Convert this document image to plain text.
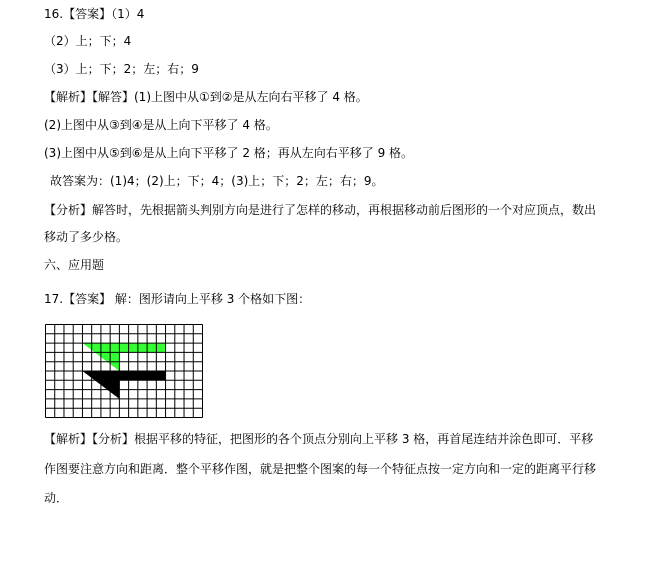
16.【答案】（1）4
（2）上；下；4
（3）上；下；2；左；右；9
【解析】【解答】(1)上图中从①到②是从左向右平移了 4 格。
(2)上图中从③到④是从上向下平移了 4 格。
(3)上图中从⑤到⑥是从上向下平移了 2 格；再从左向右平移了 9 格。
故答案为：(1)4；(2)上；下；4；(3)上；下；2；左；右；9。
【分析】解答时，先根据箭头判别方向是进行了怎样的移动，再根据移动前后图形的一个对应顶点，数出
移动了多少格。
六、应用题
17.【答案】 解：图形请向上平移 3 个格如下图：
【解析】【分析】根据平移的特征，把图形的各个顶点分别向上平移 3 格，再首尾连结并涂色即可．平移
作图要注意方向和距离．整个平移作图，就是把整个图案的每一个特征点按一定方向和一定的距离平行移
动．
